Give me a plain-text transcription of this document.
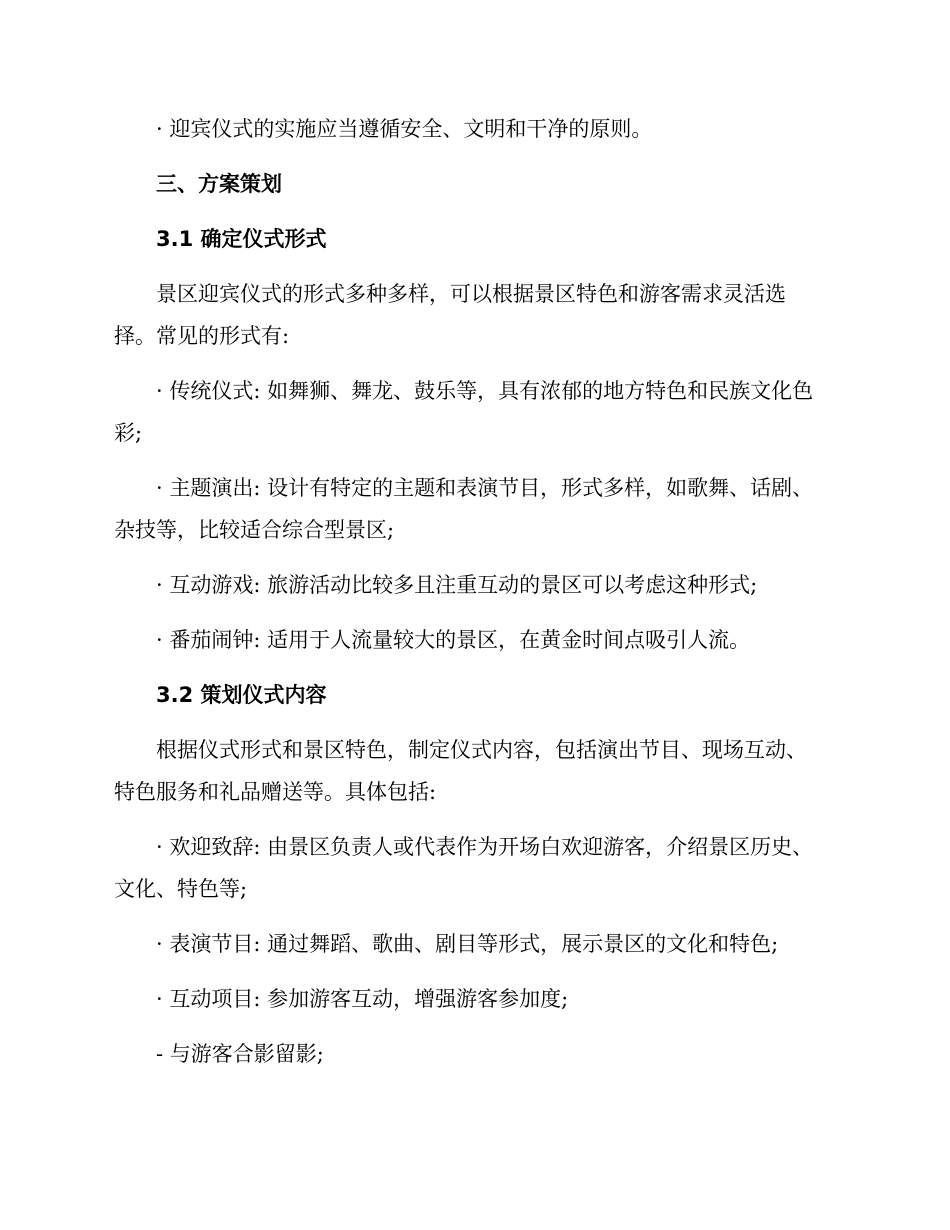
· 迎宾仪式的实施应当遵循安全、文明和干净的原则。

三、方案策划

3.1 确定仪式形式

景区迎宾仪式的形式多种多样，可以根据景区特色和游客需求灵活选择。常见的形式有:

· 传统仪式: 如舞狮、舞龙、鼓乐等，具有浓郁的地方特色和民族文化色彩;

· 主题演出: 设计有特定的主题和表演节目，形式多样，如歌舞、话剧、杂技等，比较适合综合型景区;

· 互动游戏: 旅游活动比较多且注重互动的景区可以考虑这种形式;

· 番茄闹钟: 适用于人流量较大的景区，在黄金时间点吸引人流。

3.2 策划仪式内容

根据仪式形式和景区特色，制定仪式内容，包括演出节目、现场互动、特色服务和礼品赠送等。具体包括:

· 欢迎致辞: 由景区负责人或代表作为开场白欢迎游客，介绍景区历史、文化、特色等;

· 表演节目: 通过舞蹈、歌曲、剧目等形式，展示景区的文化和特色;

· 互动项目: 参加游客互动，增强游客参加度;

- 与游客合影留影;
